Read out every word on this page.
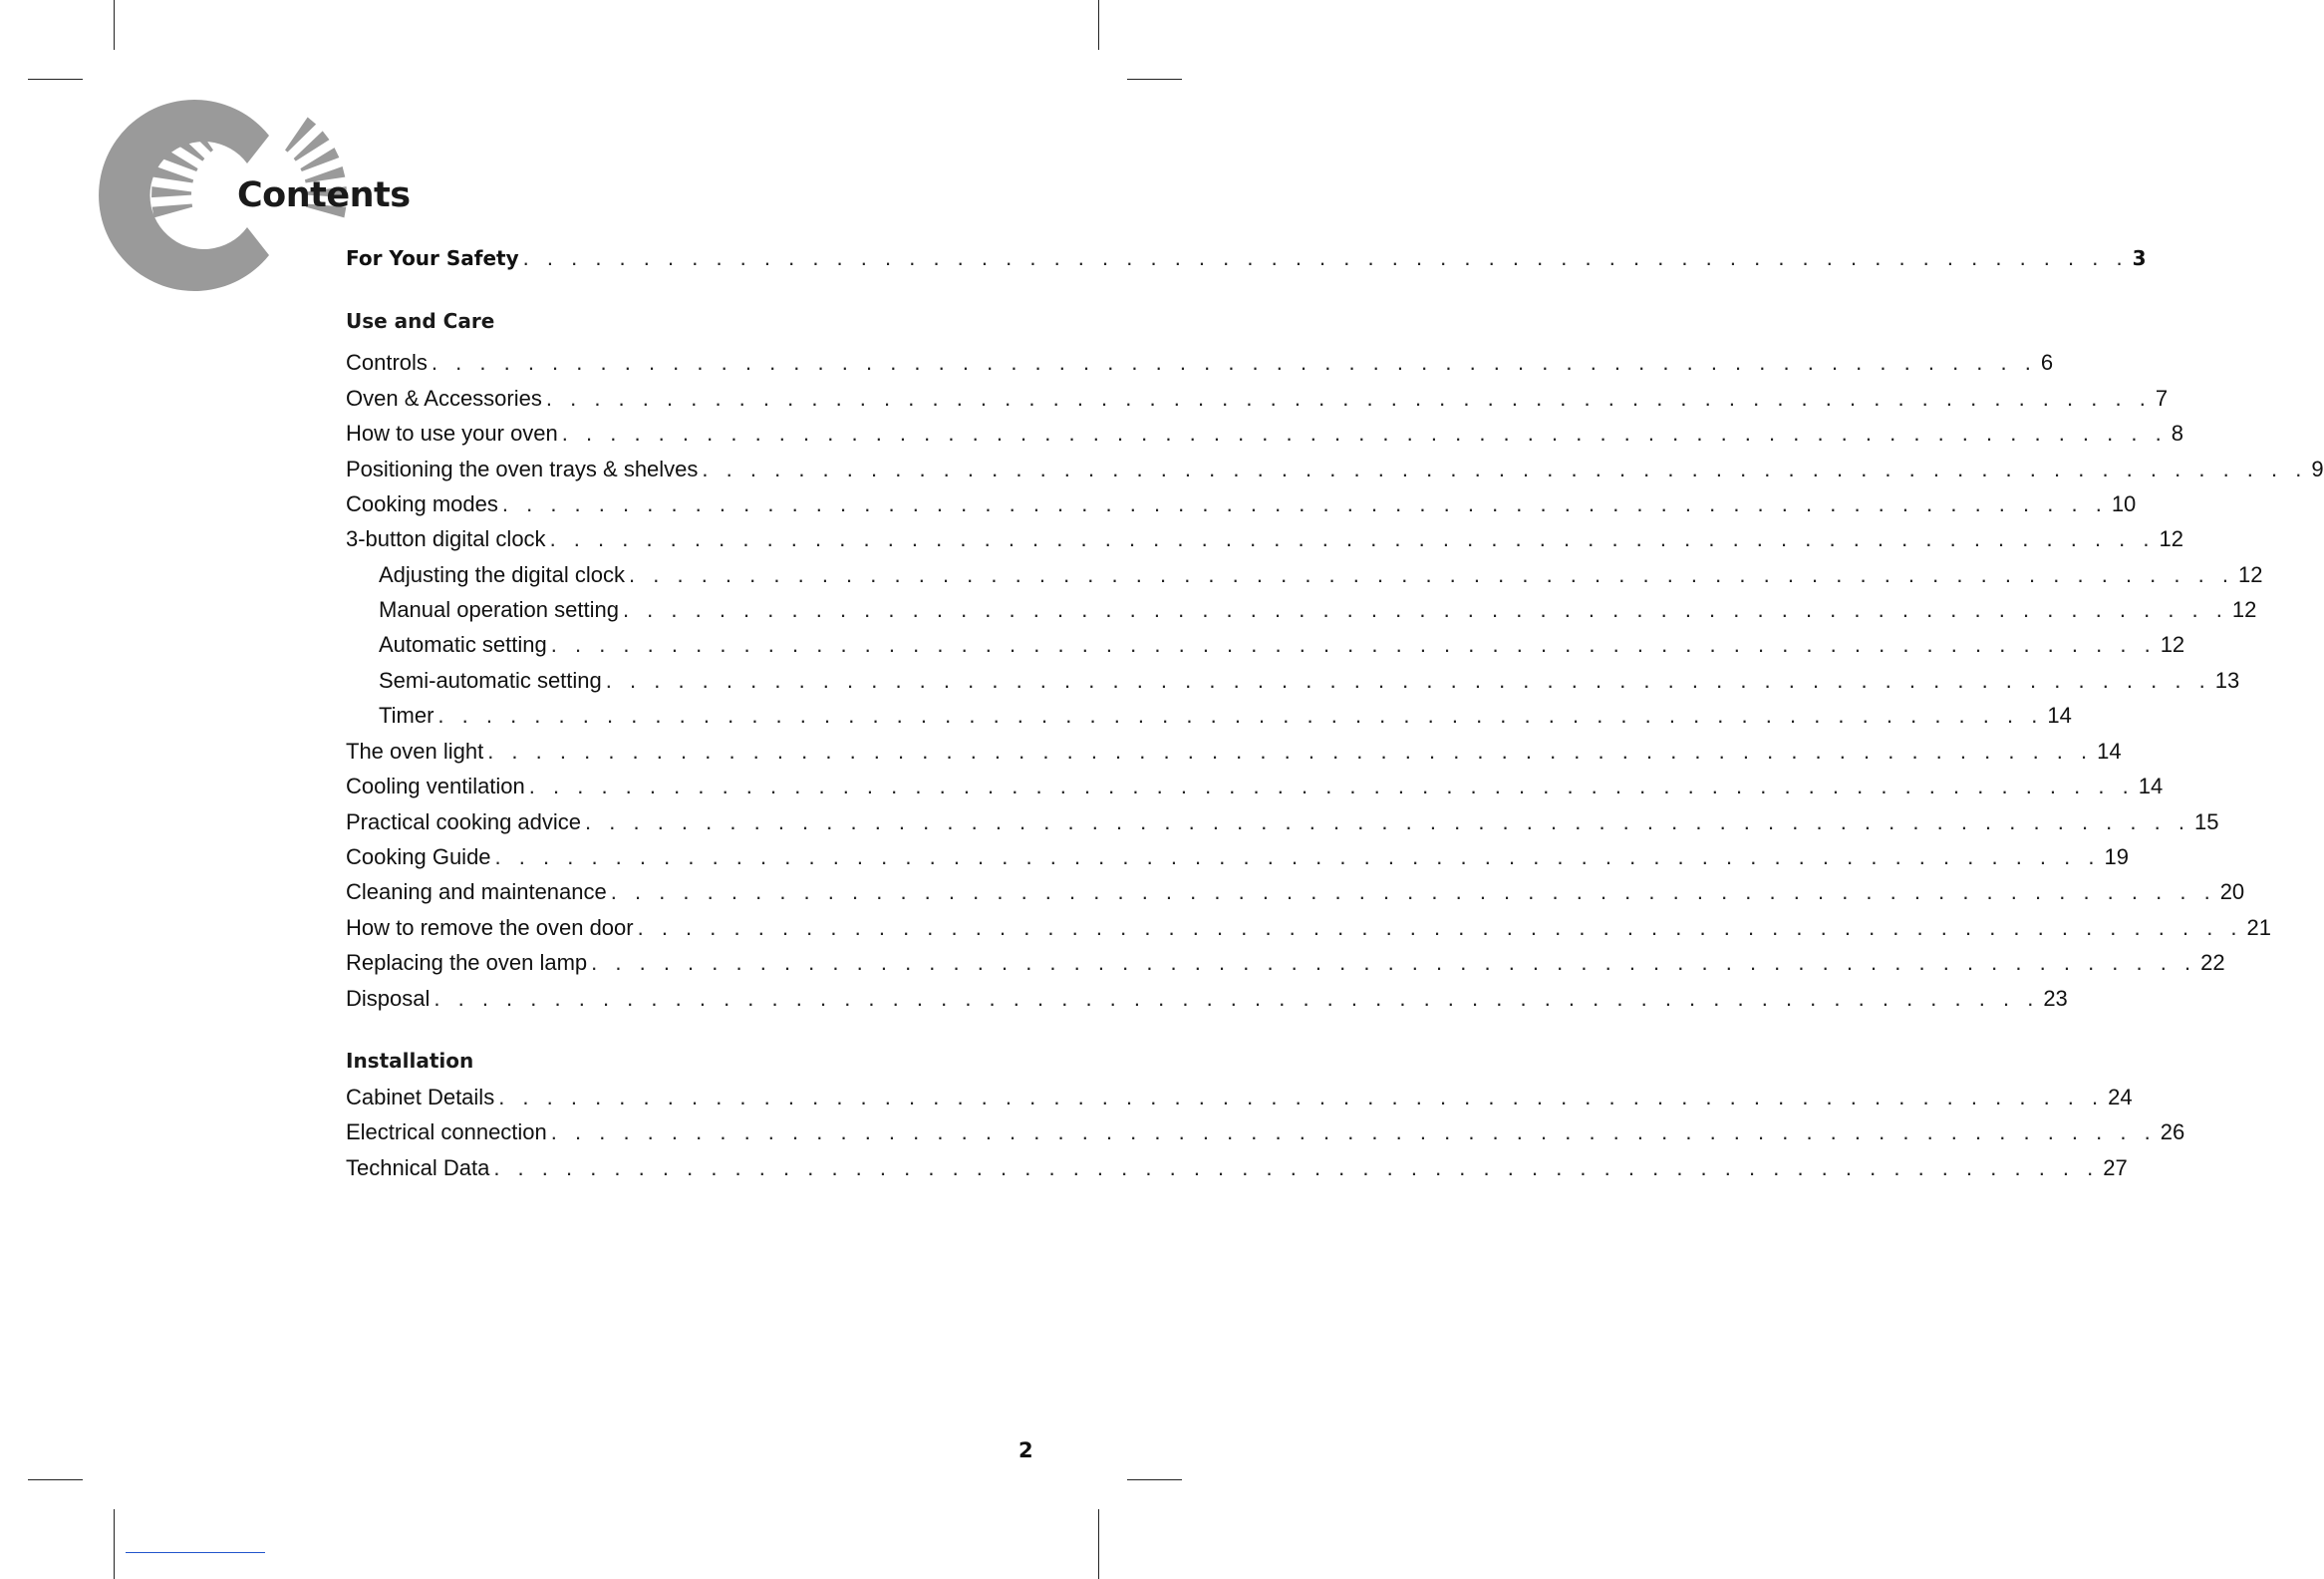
Contents
For Your Safety . . . . . . . . . . . . . . . . . . . . . . . . . . . . . . . . . . . . . . . . . . . . . . . . . . . . . . . . . . . . . . . . . . . 3
Use and Care
Controls . . . . . . . . . . . . . . . . . . . . . . . . . . . . . . . . . . . . . . . . . . . . . . . . . . . . . . . . . . . . . . . . . . . 6
Oven & Accessories . . . . . . . . . . . . . . . . . . . . . . . . . . . . . . . . . . . . . . . . . . . . . . . . . . . . . . . . . . . . . . . . . . . 7
How to use your oven . . . . . . . . . . . . . . . . . . . . . . . . . . . . . . . . . . . . . . . . . . . . . . . . . . . . . . . . . . . . . . . . . . . 8
Positioning the oven trays & shelves . . . . . . . . . . . . . . . . . . . . . . . . . . . . . . . . . . . . . . . . . . . . . . . . . . . . . . . . . . . . . . . . . . . 9
Cooking modes . . . . . . . . . . . . . . . . . . . . . . . . . . . . . . . . . . . . . . . . . . . . . . . . . . . . . . . . . . . . . . . . . . . 10
3-button digital clock . . . . . . . . . . . . . . . . . . . . . . . . . . . . . . . . . . . . . . . . . . . . . . . . . . . . . . . . . . . . . . . . . . . 12
Adjusting the digital clock . . . . . . . . . . . . . . . . . . . . . . . . . . . . . . . . . . . . . . . . . . . . . . . . . . . . . . . . . . . . . . . . . . . 12
Manual operation setting . . . . . . . . . . . . . . . . . . . . . . . . . . . . . . . . . . . . . . . . . . . . . . . . . . . . . . . . . . . . . . . . . . . 12
Automatic setting . . . . . . . . . . . . . . . . . . . . . . . . . . . . . . . . . . . . . . . . . . . . . . . . . . . . . . . . . . . . . . . . . . . 12
Semi-automatic setting . . . . . . . . . . . . . . . . . . . . . . . . . . . . . . . . . . . . . . . . . . . . . . . . . . . . . . . . . . . . . . . . . . . 13
Timer . . . . . . . . . . . . . . . . . . . . . . . . . . . . . . . . . . . . . . . . . . . . . . . . . . . . . . . . . . . . . . . . . . . 14
The oven light . . . . . . . . . . . . . . . . . . . . . . . . . . . . . . . . . . . . . . . . . . . . . . . . . . . . . . . . . . . . . . . . . . . 14
Cooling ventilation . . . . . . . . . . . . . . . . . . . . . . . . . . . . . . . . . . . . . . . . . . . . . . . . . . . . . . . . . . . . . . . . . . . 14
Practical cooking advice . . . . . . . . . . . . . . . . . . . . . . . . . . . . . . . . . . . . . . . . . . . . . . . . . . . . . . . . . . . . . . . . . . . 15
Cooking Guide . . . . . . . . . . . . . . . . . . . . . . . . . . . . . . . . . . . . . . . . . . . . . . . . . . . . . . . . . . . . . . . . . . . 19
Cleaning and maintenance . . . . . . . . . . . . . . . . . . . . . . . . . . . . . . . . . . . . . . . . . . . . . . . . . . . . . . . . . . . . . . . . . . . 20
How to remove the oven door . . . . . . . . . . . . . . . . . . . . . . . . . . . . . . . . . . . . . . . . . . . . . . . . . . . . . . . . . . . . . . . . . . . 21
Replacing the oven lamp . . . . . . . . . . . . . . . . . . . . . . . . . . . . . . . . . . . . . . . . . . . . . . . . . . . . . . . . . . . . . . . . . . . 22
Disposal . . . . . . . . . . . . . . . . . . . . . . . . . . . . . . . . . . . . . . . . . . . . . . . . . . . . . . . . . . . . . . . . . . . 23
Installation
Cabinet Details . . . . . . . . . . . . . . . . . . . . . . . . . . . . . . . . . . . . . . . . . . . . . . . . . . . . . . . . . . . . . . . . . . . 24
Electrical connection . . . . . . . . . . . . . . . . . . . . . . . . . . . . . . . . . . . . . . . . . . . . . . . . . . . . . . . . . . . . . . . . . . . 26
Technical Data . . . . . . . . . . . . . . . . . . . . . . . . . . . . . . . . . . . . . . . . . . . . . . . . . . . . . . . . . . . . . . . . . . . 27
2
